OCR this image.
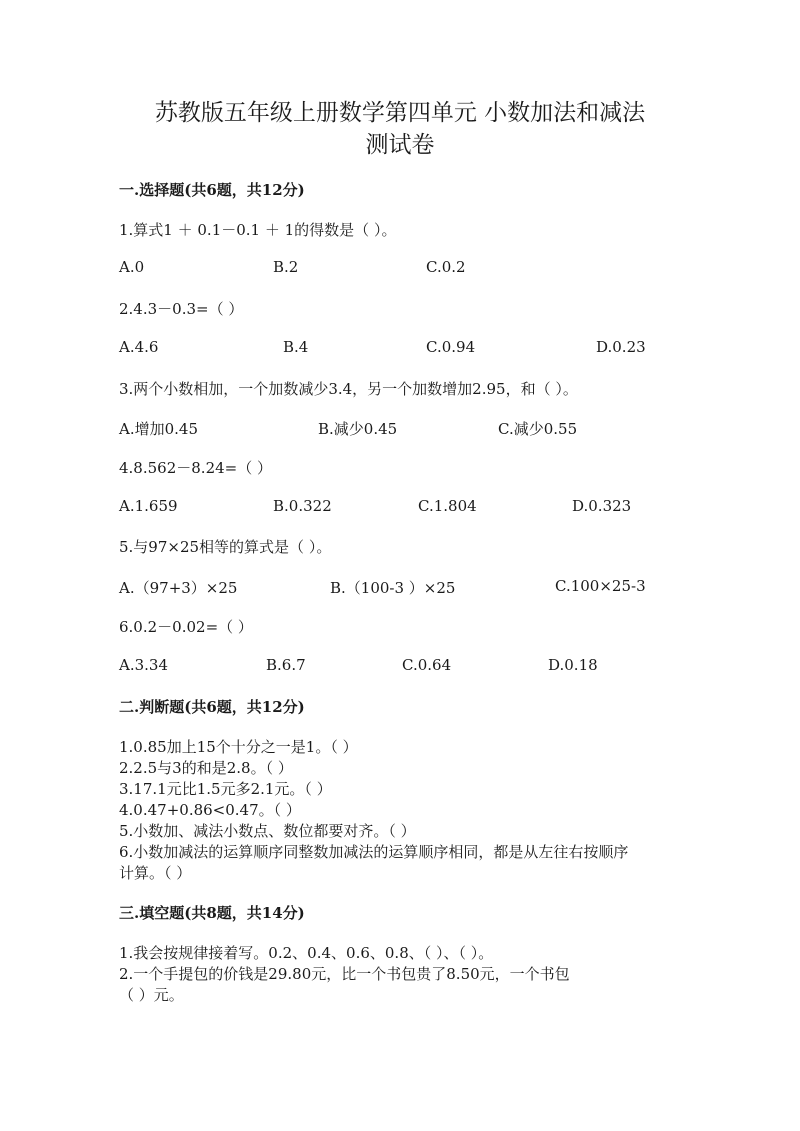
苏教版五年级上册数学第四单元 小数加法和减法
测试卷
一.选择题(共6题，共12分)
1.算式1 ＋ 0.1－0.1 ＋ 1的得数是（ ）。
A.0	B.2	C.0.2
2.4.3－0.3=（ ）
A.4.6	B.4	C.0.94	D.0.23
3.两个小数相加，一个加数减少3.4，另一个加数增加2.95，和（ ）。
A.增加0.45	B.减少0.45	C.减少0.55
4.8.562－8.24=（ ）
A.1.659	B.0.322	C.1.804	D.0.323
5.与97×25相等的算式是（ ）。
A.（97+3）×25	B.（100-3 ）×25	C.100×25-3
6.0.2－0.02=（ ）
A.3.34	B.6.7	C.0.64	D.0.18
二.判断题(共6题，共12分)
1.0.85加上15个十分之一是1。（ ）
2.2.5与3的和是2.8。（ ）
3.17.1元比1.5元多2.1元。（ ）
4.0.47+0.86<0.47。（ ）
5.小数加、减法小数点、数位都要对齐。（ ）
6.小数加减法的运算顺序同整数加减法的运算顺序相同，都是从左往右按顺序
计算。（ ）
三.填空题(共8题，共14分)
1.我会按规律接着写。0.2、0.4、0.6、0.8、（ ）、（ ）。
2.一个手提包的价钱是29.80元，比一个书包贵了8.50元，一个书包
（ ）元。
